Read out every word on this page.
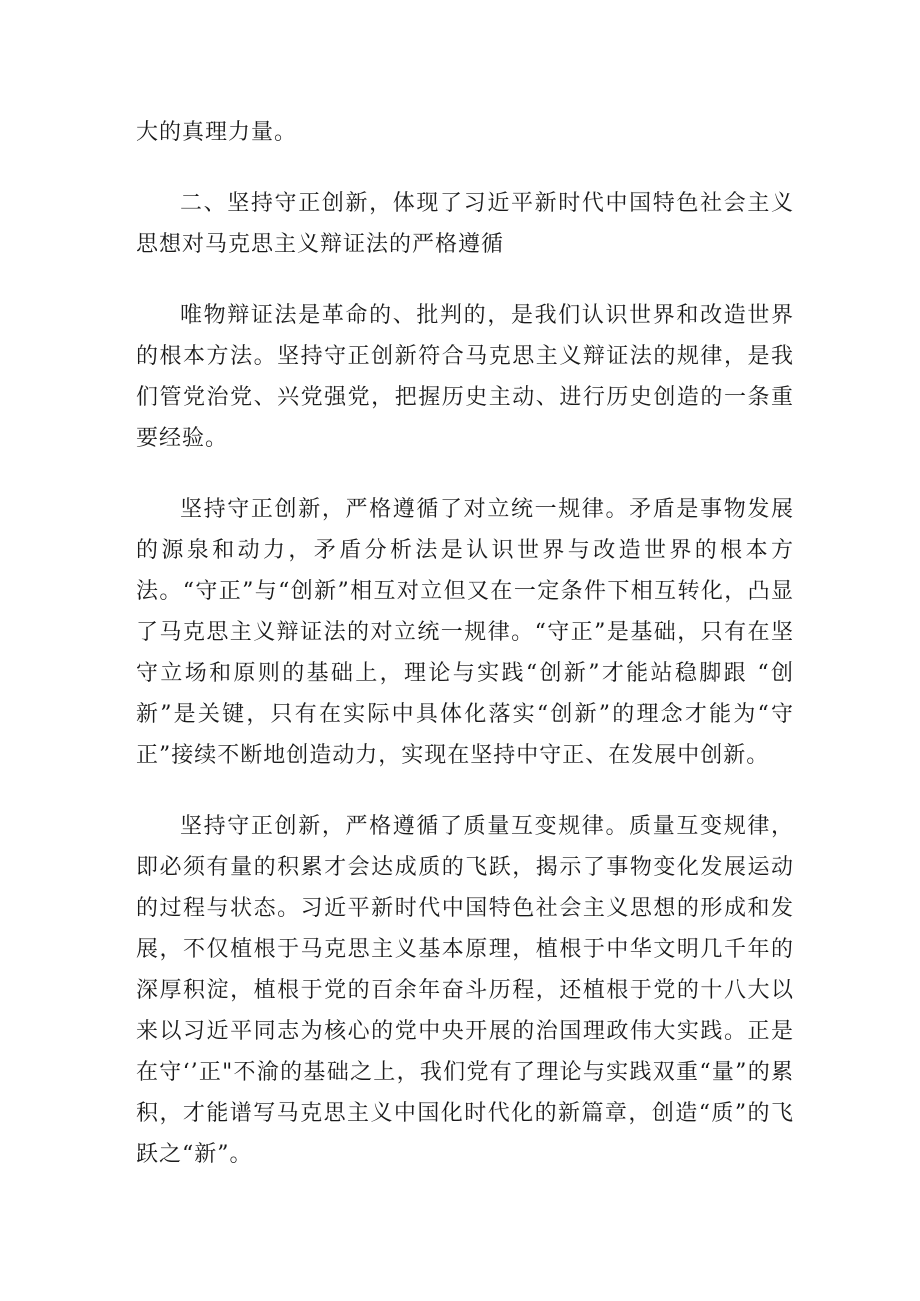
大的真理力量。

二、坚持守正创新，体现了习近平新时代中国特色社会主义思想对马克思主义辩证法的严格遵循

唯物辩证法是革命的、批判的，是我们认识世界和改造世界的根本方法。坚持守正创新符合马克思主义辩证法的规律，是我们管党治党、兴党强党，把握历史主动、进行历史创造的一条重要经验。

坚持守正创新，严格遵循了对立统一规律。矛盾是事物发展的源泉和动力，矛盾分析法是认识世界与改造世界的根本方法。“守正”与“创新”相互对立但又在一定条件下相互转化，凸显了马克思主义辩证法的对立统一规律。“守正”是基础，只有在坚守立场和原则的基础上，理论与实践“创新”才能站稳脚跟 “创新”是关键，只有在实际中具体化落实“创新”的理念才能为“守正”接续不断地创造动力，实现在坚持中守正、在发展中创新。

坚持守正创新，严格遵循了质量互变规律。质量互变规律，即必须有量的积累才会达成质的飞跃，揭示了事物变化发展运动的过程与状态。习近平新时代中国特色社会主义思想的形成和发展，不仅植根于马克思主义基本原理，植根于中华文明几千年的深厚积淀，植根于党的百余年奋斗历程，还植根于党的十八大以来以习近平同志为核心的党中央开展的治国理政伟大实践。正是在守‘’正"不渝的基础之上，我们党有了理论与实践双重“量”的累积，才能谱写马克思主义中国化时代化的新篇章，创造“质”的飞跃之“新”。
